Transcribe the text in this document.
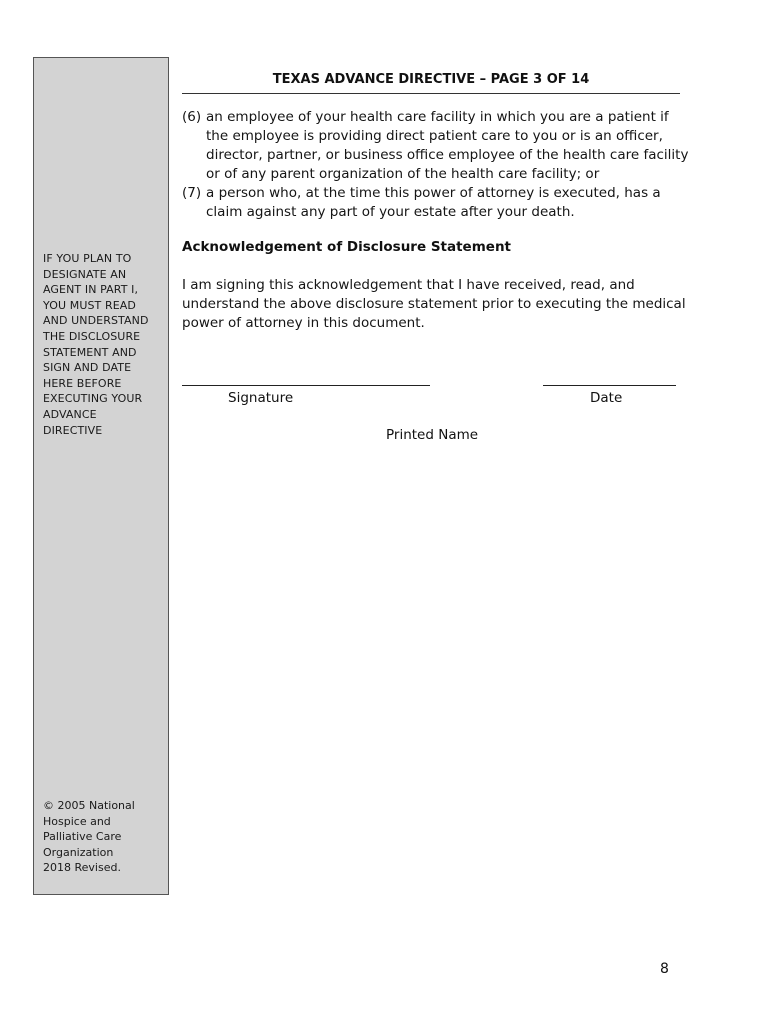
IF YOU PLAN TO
DESIGNATE AN
AGENT IN PART I,
YOU MUST READ
AND UNDERSTAND
THE DISCLOSURE
STATEMENT AND
SIGN AND DATE
HERE BEFORE
EXECUTING YOUR
ADVANCE
DIRECTIVE
© 2005 National
Hospice and
Palliative Care
Organization
2018 Revised.
TEXAS ADVANCE DIRECTIVE – PAGE 3 OF 14
(6) an employee of your health care facility in which you are a patient if
the employee is providing direct patient care to you or is an officer,
director, partner, or business office employee of the health care facility
or of any parent organization of the health care facility; or
(7) a person who, at the time this power of attorney is executed, has a
claim against any part of your estate after your death.
Acknowledgement of Disclosure Statement
I am signing this acknowledgement that I have received, read, and
understand the above disclosure statement prior to executing the medical
power of attorney in this document.
Signature	Date
Printed Name
8
